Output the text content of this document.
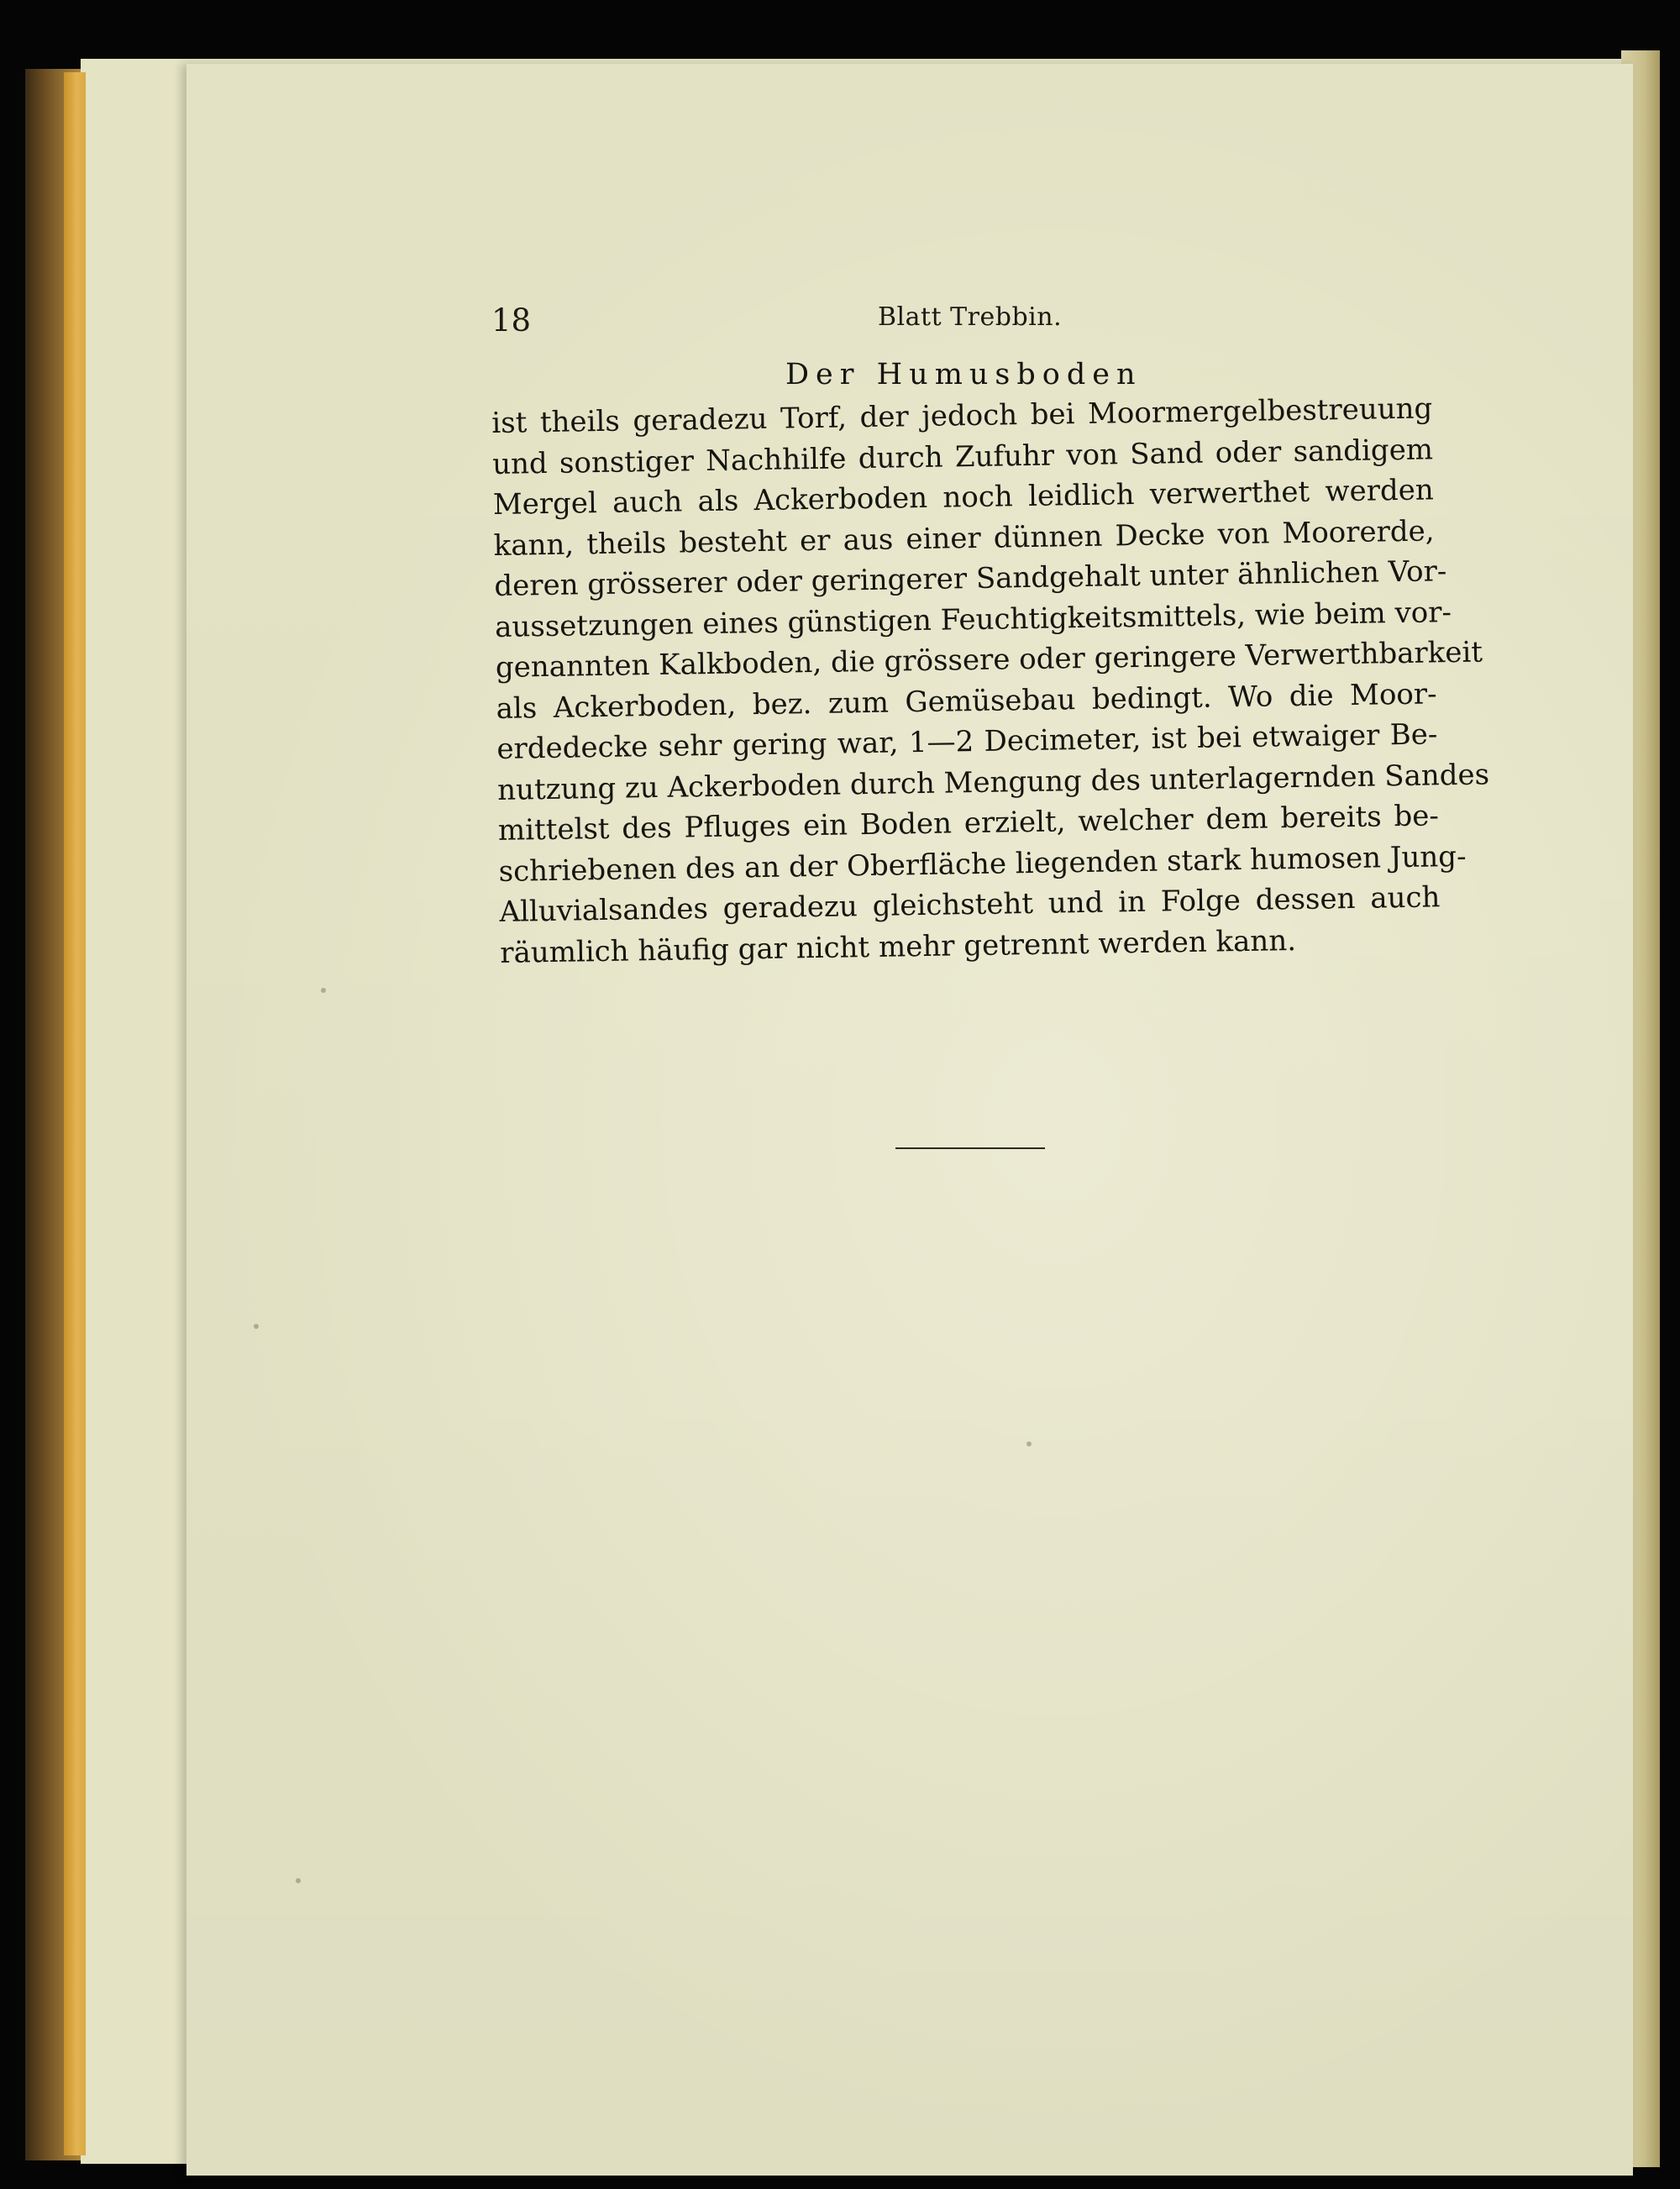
18	Blatt Trebbin.
Der Humusboden
ist theils geradezu Torf, der jedoch bei Moormergelbestreuung
und sonstiger Nachhilfe durch Zufuhr von Sand oder sandigem
Mergel auch als Ackerboden noch leidlich verwerthet werden
kann, theils besteht er aus einer dünnen Decke von Moorerde,
deren grösserer oder geringerer Sandgehalt unter ähnlichen Vor-
aussetzungen eines günstigen Feuchtigkeitsmittels, wie beim vor-
genannten Kalkboden, die grössere oder geringere Verwerthbarkeit
als Ackerboden, bez. zum Gemüsebau bedingt. Wo die Moor-
erdedecke sehr gering war, 1—2 Decimeter, ist bei etwaiger Be-
nutzung zu Ackerboden durch Mengung des unterlagernden Sandes
mittelst des Pfluges ein Boden erzielt, welcher dem bereits be-
schriebenen des an der Oberfläche liegenden stark humosen Jung-
Alluvialsandes geradezu gleichsteht und in Folge dessen auch
räumlich häufig gar nicht mehr getrennt werden kann.
